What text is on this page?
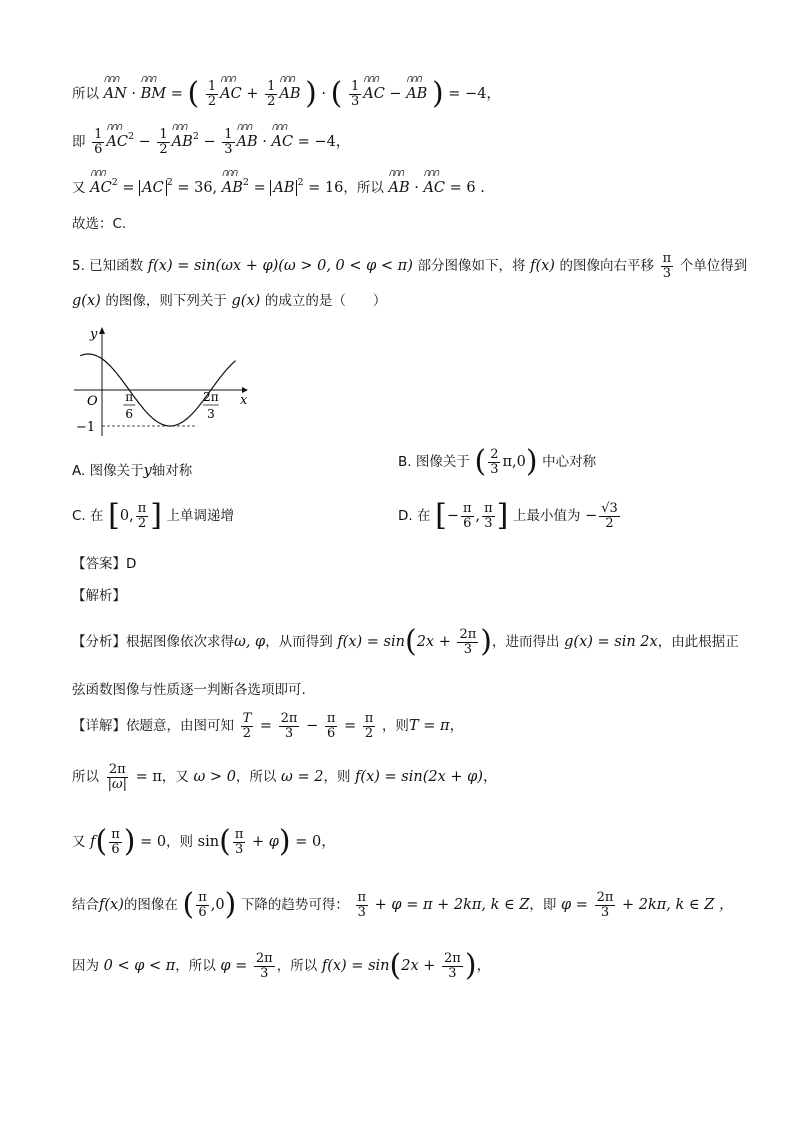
所以 ꓵꓵꓵ AN · ꓵꓵꓵ BM = ( $\frac{1}{2}$ ꓵꓵꓵ AC + $\frac{1}{2}$ ꓵꓵꓵ AB ) · ( $\frac{1}{3}$ ꓵꓵꓵ AC − ꓵꓵꓵ AB ) = −4，
即 $\frac{1}{6}$ ꓵꓵꓵ $AC^2 - \frac{1}{2}$ ꓵꓵꓵ $AB^2 - \frac{1}{3}$ ꓵꓵꓵ AB · ꓵꓵꓵ AC = −4，
又 ꓵꓵꓵ $AC^2$ = AC $^2$ = 36, ꓵꓵꓵ $AB^2$ = AB $^2$ = 16，所以 ꓵꓵꓵ AB · ꓵꓵꓵ AC = 6 .
故选：C.
5. 已知函数 f(x) = sin(ωx + φ)(ω > 0, 0 < φ < π) 部分图像如下，将 f(x) 的图像向右平移 $\frac{\pi}{3}$ 个单位得到
g(x) 的图像，则下列关于 g(x) 的成立的是（　　）
y
x
O
−1
π
6
2π
3
A. 图像关于y轴对称
B. 图像关于 ( $\frac{2}{3} \pi,0$) 中心对称
C. 在 [0, $\frac{\pi}{2}$ ] 上单调递增	D. 在 [− $\frac{\pi}{6}$ , $\frac{\pi}{3}$ ] 上最小值为 − $\frac{√3}{2}$
【答案】D
【解析】
【分析】根据图像依次求得ω, φ，从而得到 $f(x) = \sin(2x + \frac{2\pi}{3}$ )，进而得出 g(x) = sin 2x，由此根据正
弦函数图像与性质逐一判断各选项即可.
【详解】依题意，由图可知 $\frac{T}{2} = \frac{2\pi}{3} - \frac{\pi}{6} = \frac{\pi}{2}$ ，则T = π，
所以 $\frac{2\pi}{|\omega|} = \pi$，又 ω > 0，所以 ω = 2，则 f(x) = sin(2x + φ)，
又 $f( \frac{\pi}{6}$ ) = 0，则 $\sin( \frac{\pi}{3} + \varphi) = 0$，
结合f(x)的图像在 ( $\frac{\pi}{6} ,0$) 下降的趋势可得： $\frac{\pi}{3} + \varphi = \pi + 2k\pi$, k ∈ Z，即 $\varphi = \frac{2\pi}{3} + 2k\pi$, k ∈ Z ，
因为 0 < φ < π，所以 $\varphi = \frac{2\pi}{3}$ ，所以 $f(x) = \sin(2x + \frac{2\pi}{3}$ )，
